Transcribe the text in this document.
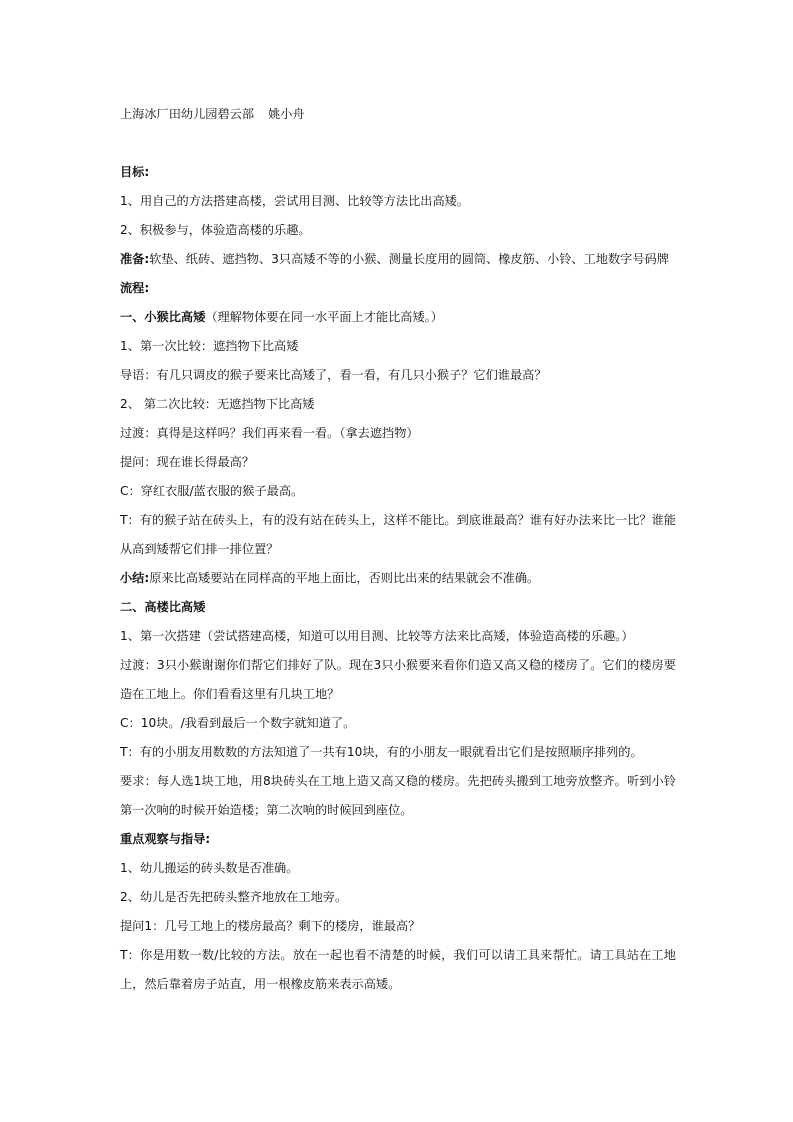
上海冰厂田幼儿园碧云部 姚小舟
目标:
1、用自己的方法搭建高楼，尝试用目测、比较等方法比出高矮。
2、积极参与，体验造高楼的乐趣。
准备:软垫、纸砖、遮挡物、3只高矮不等的小猴、测量长度用的圆筒、橡皮筋、小铃、工地数字号码牌
流程:
一、小猴比高矮（理解物体要在同一水平面上才能比高矮。）
1、第一次比较：遮挡物下比高矮
导语：有几只调皮的猴子要来比高矮了，看一看，有几只小猴子？它们谁最高？
2、 第二次比较：无遮挡物下比高矮
过渡：真得是这样吗？我们再来看一看。（拿去遮挡物）
提问：现在谁长得最高？
C：穿红衣服/蓝衣服的猴子最高。
T：有的猴子站在砖头上，有的没有站在砖头上，这样不能比。到底谁最高？谁有好办法来比一比？谁能从高到矮帮它们排一排位置？
小结:原来比高矮要站在同样高的平地上面比，否则比出来的结果就会不准确。
二、高楼比高矮
1、第一次搭建（尝试搭建高楼，知道可以用目测、比较等方法来比高矮，体验造高楼的乐趣。）
过渡：3只小猴谢谢你们帮它们排好了队。现在3只小猴要来看你们造又高又稳的楼房了。它们的楼房要造在工地上。你们看看这里有几块工地？
C：10块。/我看到最后一个数字就知道了。
T：有的小朋友用数数的方法知道了一共有10块，有的小朋友一眼就看出它们是按照顺序排列的。
要求：每人选1块工地，用8块砖头在工地上造又高又稳的楼房。先把砖头搬到工地旁放整齐。听到小铃第一次响的时候开始造楼；第二次响的时候回到座位。
重点观察与指导:
1、幼儿搬运的砖头数是否准确。
2、幼儿是否先把砖头整齐地放在工地旁。
提问1：几号工地上的楼房最高？剩下的楼房，谁最高？
T：你是用数一数/比较的方法。放在一起也看不清楚的时候，我们可以请工具来帮忙。请工具站在工地上，然后靠着房子站直，用一根橡皮筋来表示高矮。
